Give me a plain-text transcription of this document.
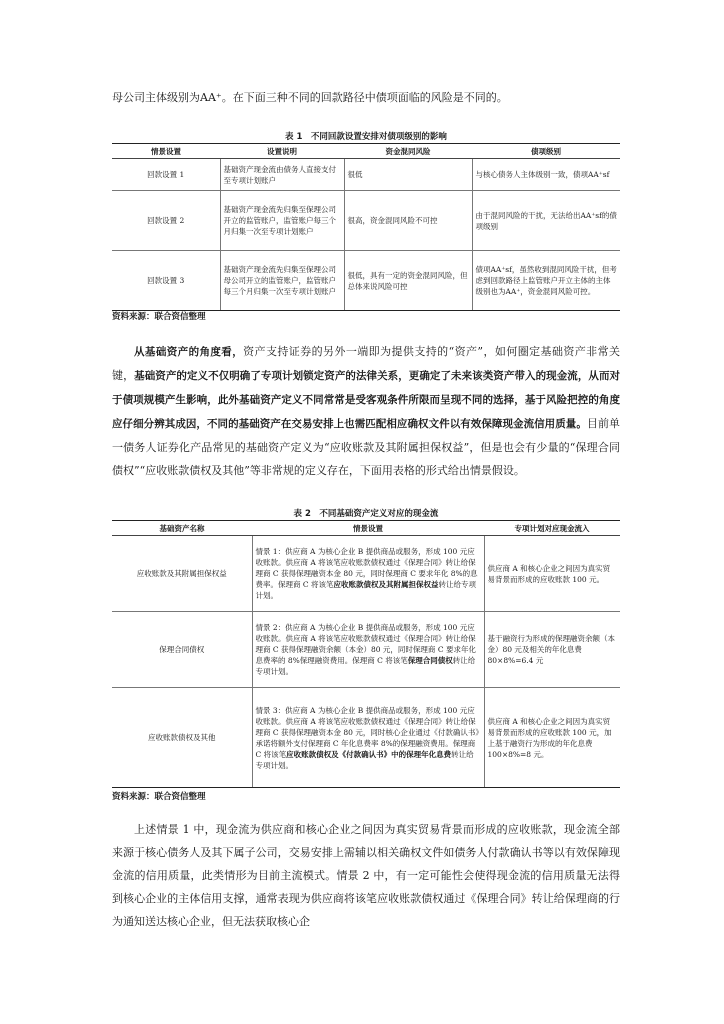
母公司主体级别为AA⁺。在下面三种不同的回款路径中债项面临的风险是不同的。

表 1　不同回款设置安排对债项级别的影响
情景设置	设置说明	资金混同风险	债项级别
回款设置 1	基础资产现金流由债务人直接支付至专项计划账户	很低	与核心债务人主体级别一致，债项AA⁺sf
回款设置 2	基础资产现金流先归集至保理公司开立的监管账户，监管账户每三个月归集一次至专项计划账户	很高，资金混同风险不可控	由于混同风险的干扰，无法给出AA⁺sf的债项级别
回款设置 3	基础资产现金流先归集至保理公司母公司开立的监管账户，监管账户每三个月归集一次至专项计划账户	很低，具有一定的资金混同风险，但总体来说风险可控	债项AA⁺sf，虽然收到混同风险干扰，但考虑到回款路径上监管账户开立主体的主体级别也为AA⁺，资金混同风险可控。
资料来源：联合资信整理

从基础资产的角度看，资产支持证券的另外一端即为提供支持的“资产”，如何圈定基础资产非常关键，基础资产的定义不仅明确了专项计划锁定资产的法律关系，更确定了未来该类资产带入的现金流，从而对于债项规模产生影响，此外基础资产定义不同常常是受客观条件所限而呈现不同的选择，基于风险把控的角度应仔细分辨其成因，不同的基础资产在交易安排上也需匹配相应确权文件以有效保障现金流信用质量。目前单一债务人证券化产品常见的基础资产定义为“应收账款及其附属担保权益”，但是也会有少量的“保理合同债权”“应收账款债权及其他”等非常规的定义存在，下面用表格的形式给出情景假设。

表 2　不同基础资产定义对应的现金流
基础资产名称	情景设置	专项计划对应现金流入
应收账款及其附属担保权益	情景 1：供应商 A 为核心企业 B 提供商品或服务，形成 100 元应收账款。供应商 A 将该笔应收账款债权通过《保理合同》转让给保理商 C 获得保理融资本金 80 元，同时保理商 C 要求年化 8%的息费率。保理商 C 将该笔应收账款债权及其附属担保权益转让给专项计划。	供应商 A 和核心企业之间因为真实贸易背景而形成的应收账款 100 元。
保理合同债权	情景 2：供应商 A 为核心企业 B 提供商品或服务，形成 100 元应收账款。供应商 A 将该笔应收账款债权通过《保理合同》转让给保理商 C 获得保理融资余额（本金）80 元，同时保理商 C 要求年化息费率的 8%保理融资费用。保理商 C 将该笔保理合同债权转让给专项计划。	基于融资行为形成的保理融资余额（本金）80 元及相关的年化息费 80×8%=6.4 元
应收账款债权及其他	情景 3：供应商 A 为核心企业 B 提供商品或服务，形成 100 元应收账款。供应商 A 将该笔应收账款债权通过《保理合同》转让给保理商 C 获得保理融资本金 80 元，同时核心企业通过《付款确认书》承诺将额外支付保理商 C 年化息费率 8%的保理融资费用。保理商 C 将该笔应收账款债权及《付款确认书》中的保理年化息费转让给专项计划。	供应商 A 和核心企业之间因为真实贸易背景而形成的应收账款 100 元，加上基于融资行为形成的年化息费 100×8%=8 元。
资料来源：联合资信整理

上述情景 1 中，现金流为供应商和核心企业之间因为真实贸易背景而形成的应收账款，现金流全部来源于核心债务人及其下属子公司，交易安排上需辅以相关确权文件如债务人付款确认书等以有效保障现金流的信用质量，此类情形为目前主流模式。情景 2 中，有一定可能性会使得现金流的信用质量无法得到核心企业的主体信用支撑，通常表现为供应商将该笔应收账款债权通过《保理合同》转让给保理商的行为通知送达核心企业，但无法获取核心企
